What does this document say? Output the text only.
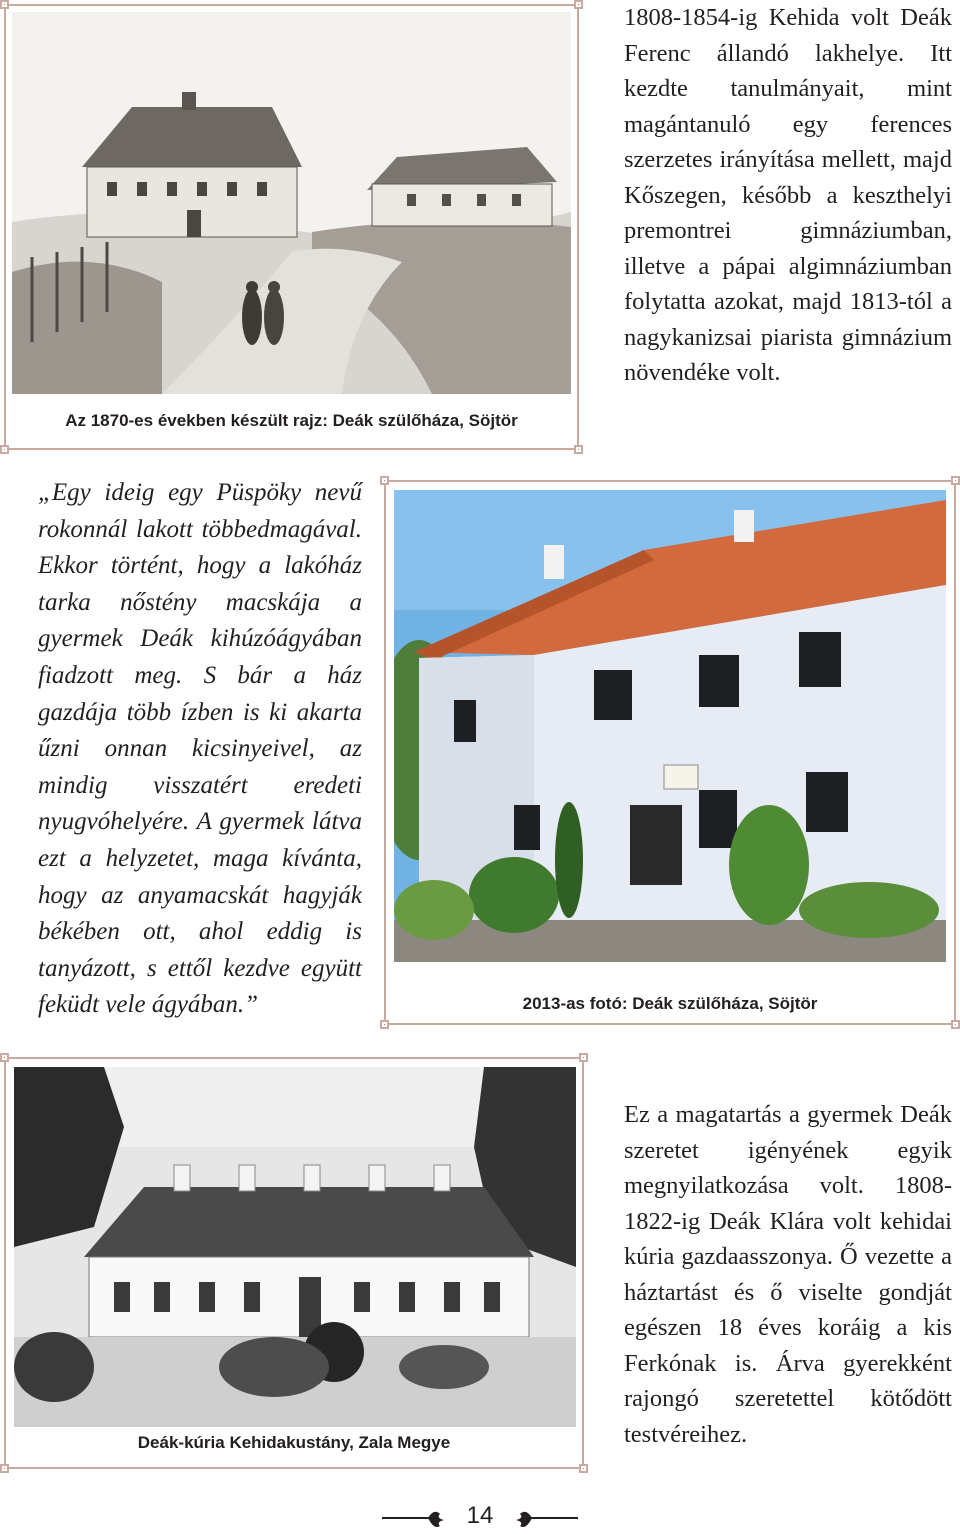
Az 1870-es években készült rajz: Deák szülőháza, Söjtör
1808-1854-ig Kehida volt Deák Ferenc állandó lakhelye. Itt kezdte tanulmányait, mint magántanuló egy ferences szerzetes irányítása mellett, majd Kőszegen, később a keszthelyi premontrei gimnáziumban, illetve a pápai algimnáziumban folytatta azokat, majd 1813-tól a nagykanizsai piarista gimnázium növendéke volt.
„Egy ideig egy Püspöky nevű rokonnál lakott többedmagával. Ekkor történt, hogy a lakóház tarka nőstény macskája a gyermek Deák kihúzóágyában fiadzott meg. S bár a ház gazdája több ízben is ki akarta űzni onnan kicsinyeivel, az mindig visszatért eredeti nyugvóhelyére. A gyermek látva ezt a helyzetet, maga kívánta, hogy az anyamacskát hagyják békében ott, ahol eddig is tanyázott, s ettől kezdve együtt feküdt vele ágyában.”	2013-as fotó: Deák szülőháza, Söjtör
Deák-kúria Kehidakustány, Zala Megye
Ez a magatartás a gyermek Deák szeretet igényének egyik megnyilatkozása volt. 1808-1822-ig Deák Klára volt kehidai kúria gazdaasszonya. Ő vezette a háztartást és ő viselte gondját egészen 18 éves koráig a kis Ferkónak is. Árva gyerekként rajongó szeretettel kötődött testvéreihez.
14
